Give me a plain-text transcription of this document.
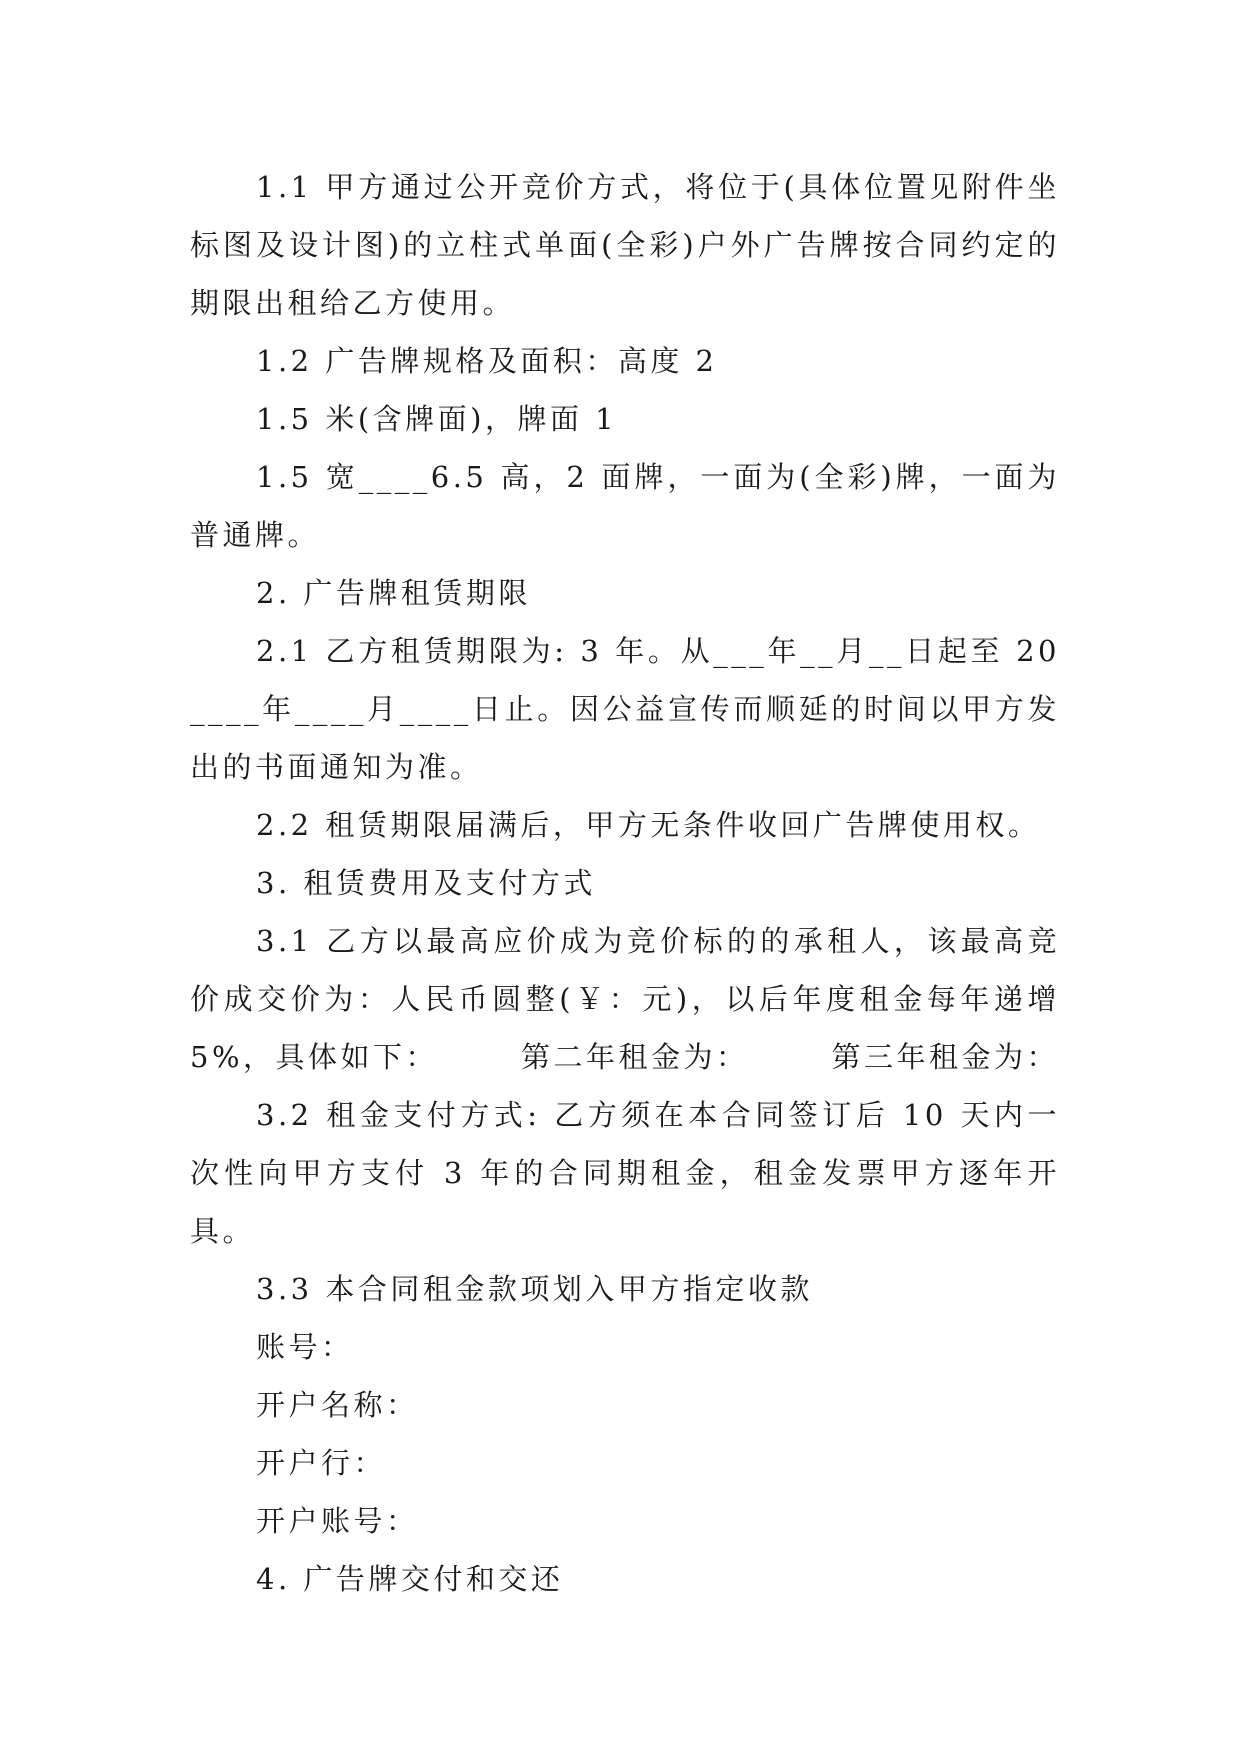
1.1 甲方通过公开竞价方式，将位于(具体位置见附件坐标图及设计图)的立柱式单面(全彩)户外广告牌按合同约定的期限出租给乙方使用。

1.2 广告牌规格及面积：高度 2

1.5 米(含牌面)，牌面 1

1.5 宽____6.5 高，2 面牌，一面为(全彩)牌，一面为普通牌。

2. 广告牌租赁期限

2.1 乙方租赁期限为: 3 年。从___年__月__日起至 20____年____月____日止。因公益宣传而顺延的时间以甲方发出的书面通知为准。

2.2 租赁期限届满后，甲方无条件收回广告牌使用权。

3. 租赁费用及支付方式

3.1 乙方以最高应价成为竞价标的的承租人，该最高竞价成交价为：人民币圆整(￥：元)，以后年度租金每年递增 5%，具体如下：　　　第二年租金为：　　　第三年租金为：

3.2 租金支付方式: 乙方须在本合同签订后 10 天内一次性向甲方支付 3 年的合同期租金，租金发票甲方逐年开具。

3.3 本合同租金款项划入甲方指定收款

账号：

开户名称：

开户行：

开户账号：

4. 广告牌交付和交还
